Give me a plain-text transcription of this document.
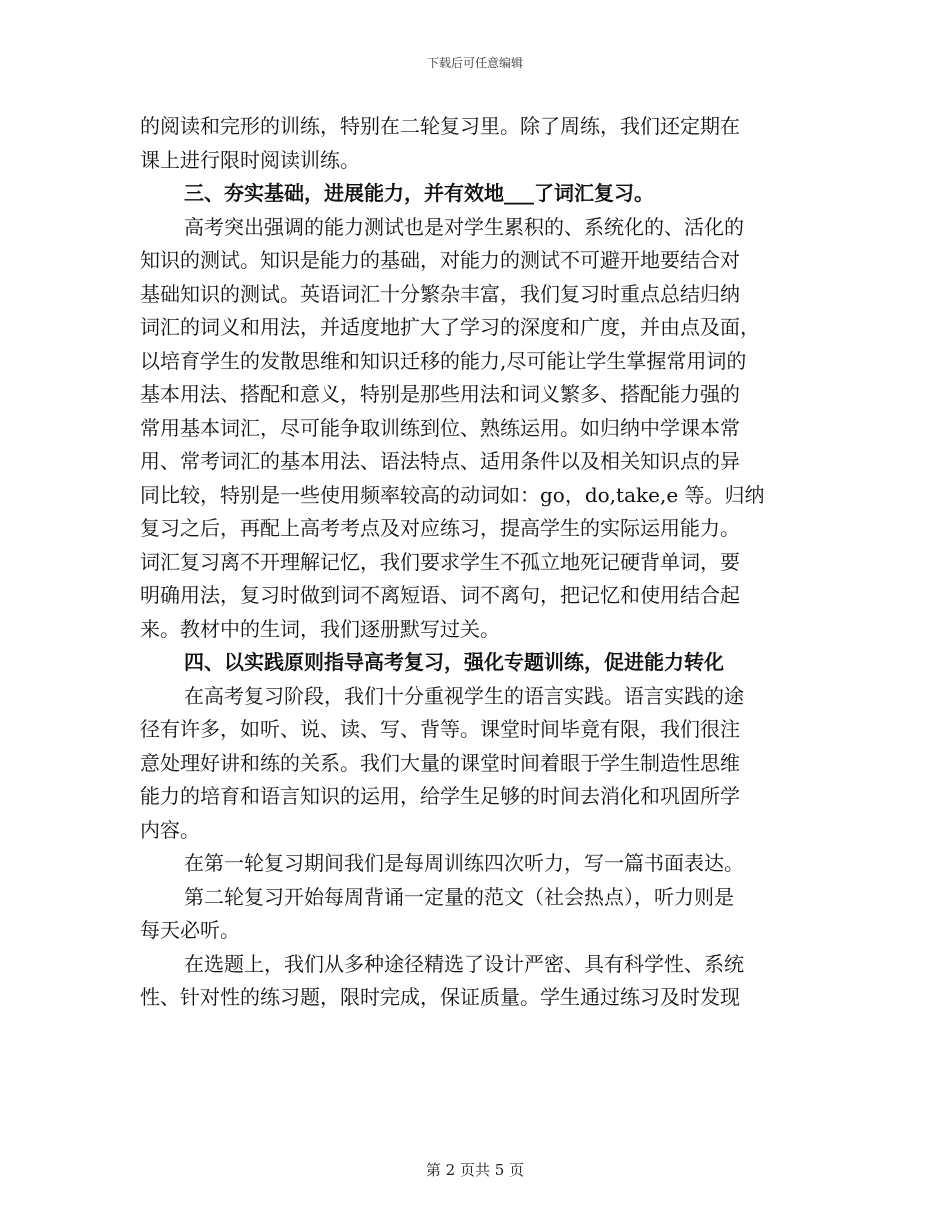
下载后可任意编辑
的阅读和完形的训练，特别在二轮复习里。除了周练，我们还定期在
课上进行限时阅读训练。
三、夯实基础，进展能力，并有效地___了词汇复习。
高考突出强调的能力测试也是对学生累积的、系统化的、活化的
知识的测试。知识是能力的基础，对能力的测试不可避开地要结合对
基础知识的测试。英语词汇十分繁杂丰富，我们复习时重点总结归纳
词汇的词义和用法，并适度地扩大了学习的深度和广度，并由点及面，
以培育学生的发散思维和知识迁移的能力,尽可能让学生掌握常用词的
基本用法、搭配和意义，特别是那些用法和词义繁多、搭配能力强的
常用基本词汇，尽可能争取训练到位、熟练运用。如归纳中学课本常
用、常考词汇的基本用法、语法特点、适用条件以及相关知识点的异
同比较，特别是一些使用频率较高的动词如：go，do,take,e 等。归纳
复习之后，再配上高考考点及对应练习，提高学生的实际运用能力。
词汇复习离不开理解记忆，我们要求学生不孤立地死记硬背单词，要
明确用法，复习时做到词不离短语、词不离句，把记忆和使用结合起
来。教材中的生词，我们逐册默写过关。
四、以实践原则指导高考复习，强化专题训练，促进能力转化
在高考复习阶段，我们十分重视学生的语言实践。语言实践的途
径有许多，如听、说、读、写、背等。课堂时间毕竟有限，我们很注
意处理好讲和练的关系。我们大量的课堂时间着眼于学生制造性思维
能力的培育和语言知识的运用，给学生足够的时间去消化和巩固所学
内容。
在第一轮复习期间我们是每周训练四次听力，写一篇书面表达。
第二轮复习开始每周背诵一定量的范文（社会热点），听力则是
每天必听。
在选题上，我们从多种途径精选了设计严密、具有科学性、系统
性、针对性的练习题，限时完成，保证质量。学生通过练习及时发现
第 2 页共 5 页
